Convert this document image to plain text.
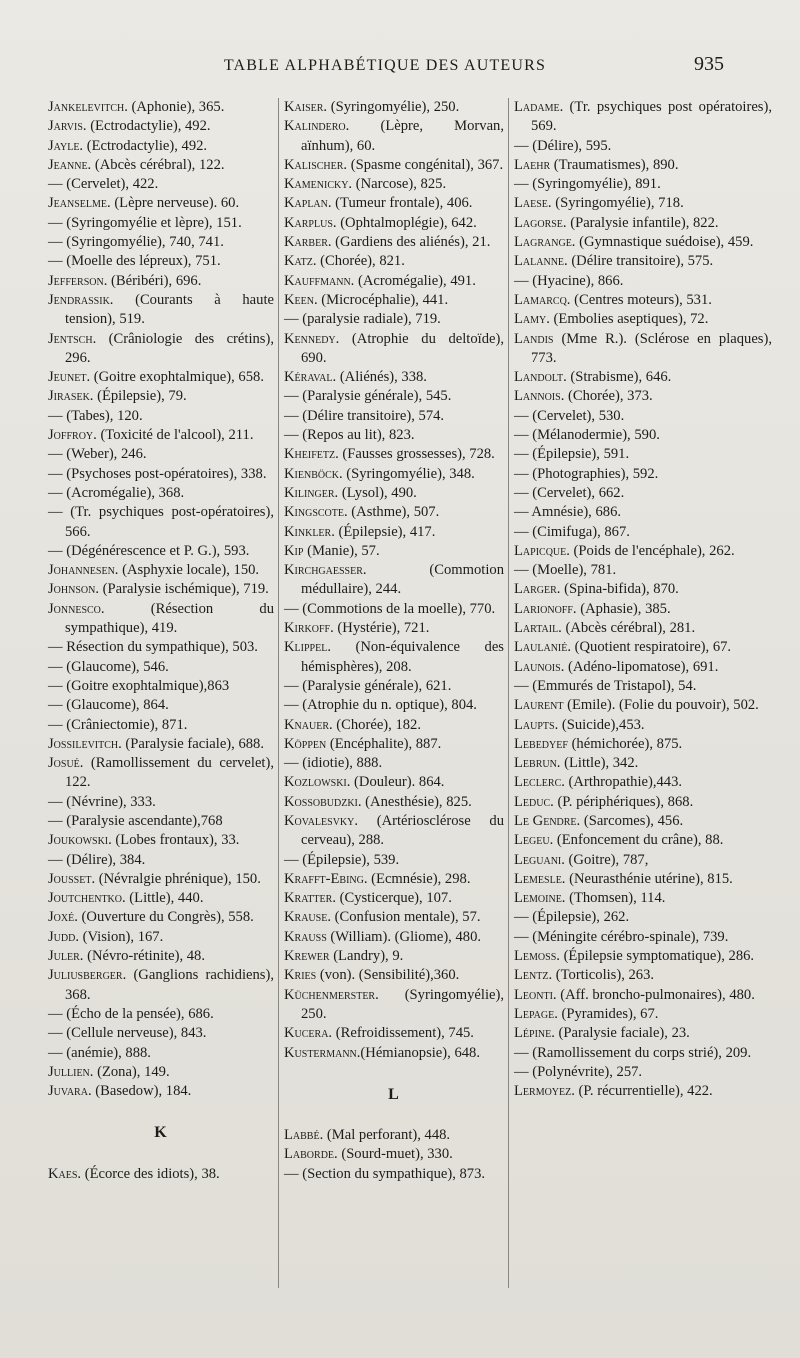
TABLE ALPHABÉTIQUE DES AUTEURS	935

Jankelevitch. (Aphonie), 365.

Jarvis. (Ectrodactylie), 492.

Jayle. (Ectrodactylie), 492.

Jeanne. (Abcès cérébral), 122.

— (Cervelet), 422.

Jeanselme. (Lèpre nerveuse). 60.

— (Syringomyélie et lèpre), 151.

— (Syringomyélie), 740, 741.

— (Moelle des lépreux), 751.

Jefferson. (Béribéri), 696.

Jendrassik. (Courants à haute tension), 519.

Jentsch. (Crâniologie des crétins), 296.

Jeunet. (Goitre exophtalmique), 658.

Jirasek. (Épilepsie), 79.

— (Tabes), 120.

Joffroy. (Toxicité de l'alcool), 211.

— (Weber), 246.

— (Psychoses post-opératoires), 338.

— (Acromégalie), 368.

— (Tr. psychiques post-opératoires), 566.

— (Dégénérescence et P. G.), 593.

Johannesen. (Asphyxie locale), 150.

Johnson. (Paralysie ischémique), 719.

Jonnesco. (Résection du sympathique), 419.

— Résection du sympathique), 503.

— (Glaucome), 546.

— (Goitre exophtalmique),863

— (Glaucome), 864.

— (Crâniectomie), 871.

Jossilevitch. (Paralysie faciale), 688.

Josué. (Ramollissement du cervelet), 122.

— (Névrine), 333.

— (Paralysie ascendante),768

Joukowski. (Lobes frontaux), 33.

— (Délire), 384.

Jousset. (Névralgie phrénique), 150.

Joutchentko. (Little), 440.

Joxé. (Ouverture du Congrès), 558.

Judd. (Vision), 167.

Juler. (Névro-rétinite), 48.

Juliusberger. (Ganglions rachidiens), 368.

— (Écho de la pensée), 686.

— (Cellule nerveuse), 843.

— (anémie), 888.

Jullien. (Zona), 149.

Juvara. (Basedow), 184.

K

Kaes. (Écorce des idiots), 38.

Kaiser. (Syringomyélie), 250.

Kalindero. (Lèpre, Morvan, aïnhum), 60.

Kalischer. (Spasme congénital), 367.

Kamenicky. (Narcose), 825.

Kaplan. (Tumeur frontale), 406.

Karplus. (Ophtalmoplégie), 642.

Karber. (Gardiens des aliénés), 21.

Katz. (Chorée), 821.

Kauffmann. (Acromégalie), 491.

Keen. (Microcéphalie), 441.

— (paralysie radiale), 719.

Kennedy. (Atrophie du deltoïde), 690.

Kéraval. (Aliénés), 338.

— (Paralysie générale), 545.

— (Délire transitoire), 574.

— (Repos au lit), 823.

Kheifetz. (Fausses grossesses), 728.

Kienböck. (Syringomyélie), 348.

Kilinger. (Lysol), 490.

Kingscote. (Asthme), 507.

Kinkler. (Épilepsie), 417.

Kip (Manie), 57.

Kirchgaesser. (Commotion médullaire), 244.

— (Commotions de la moelle), 770.

Kirkoff. (Hystérie), 721.

Klippel. (Non-équivalence des hémisphères), 208.

— (Paralysie générale), 621.

— (Atrophie du n. optique), 804.

Knauer. (Chorée), 182.

Köppen (Encéphalite), 887.

— (idiotie), 888.

Kozlowski. (Douleur). 864.

Kossobudzki. (Anesthésie), 825.

Kovalesvky. (Artériosclérose du cerveau), 288.

— (Épilepsie), 539.

Krafft-Ebing. (Ecmnésie), 298.

Kratter. (Cysticerque), 107.

Krause. (Confusion mentale), 57.

Krauss (William). (Gliome), 480.

Krewer (Landry), 9.

Kries (von). (Sensibilité),360.

Küchenmerster. (Syringomyélie), 250.

Kucera. (Refroidissement), 745.

Kustermann.(Hémianopsie), 648.

L

Labbé. (Mal perforant), 448.

Laborde. (Sourd-muet), 330.

— (Section du sympathique), 873.

Ladame. (Tr. psychiques post opératoires), 569.

— (Délire), 595.

Laehr (Traumatismes), 890.

— (Syringomyélie), 891.

Laese. (Syringomyélie), 718.

Lagorse. (Paralysie infantile), 822.

Lagrange. (Gymnastique suédoise), 459.

Lalanne. (Délire transitoire), 575.

— (Hyacine), 866.

Lamarcq. (Centres moteurs), 531.

Lamy. (Embolies aseptiques), 72.

Landis (Mme R.). (Sclérose en plaques), 773.

Landolt. (Strabisme), 646.

Lannois. (Chorée), 373.

— (Cervelet), 530.

— (Mélanodermie), 590.

— (Épilepsie), 591.

— (Photographies), 592.

— (Cervelet), 662.

— Amnésie), 686.

— (Cimifuga), 867.

Lapicque. (Poids de l'encéphale), 262.

— (Moelle), 781.

Larger. (Spina-bifida), 870.

Larionoff. (Aphasie), 385.

Lartail. (Abcès cérébral), 281.

Laulanié. (Quotient respiratoire), 67.

Launois. (Adéno-lipomatose), 691.

— (Emmurés de Tristapol), 54.

Laurent (Emile). (Folie du pouvoir), 502.

Laupts. (Suicide),453.

Lebedyef (hémichorée), 875.

Lebrun. (Little), 342.

Leclerc. (Arthropathie),443.

Leduc. (P. périphériques), 868.

Le Gendre. (Sarcomes), 456.

Legeu. (Enfoncement du crâne), 88.

Leguani. (Goitre), 787,

Lemesle. (Neurasthénie utérine), 815.

Lemoine. (Thomsen), 114.

— (Épilepsie), 262.

— (Méningite cérébro-spinale), 739.

Lemoss. (Épilepsie symptomatique), 286.

Lentz. (Torticolis), 263.

Leonti. (Aff. broncho-pulmonaires), 480.

Lepage. (Pyramides), 67.

Lépine. (Paralysie faciale), 23.

— (Ramollissement du corps strié), 209.

— (Polynévrite), 257.

Lermoyez. (P. récurrentielle), 422.
